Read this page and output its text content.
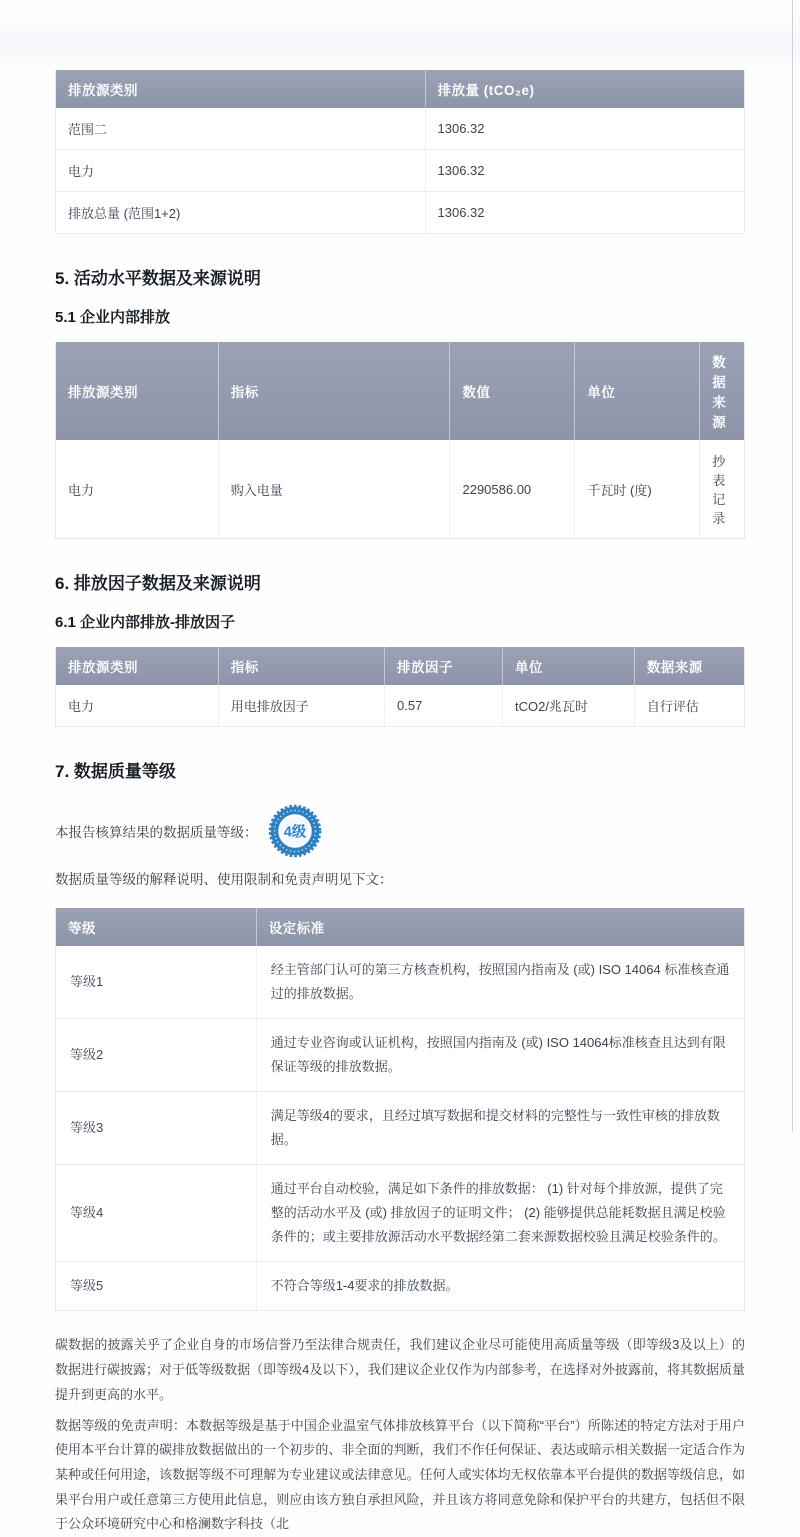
排放源类别	排放量 (tCO₂e)
范围二	1306.32
电力	1306.32
排放总量 (范围1+2)	1306.32
5. 活动水平数据及来源说明
5.1 企业内部排放
排放源类别	指标	数值	单位	数据来源
电力	购入电量	2290586.00	千瓦时 (度)	抄表记录
6. 排放因子数据及来源说明
6.1 企业内部排放-排放因子
排放源类别	指标	排放因子	单位	数据来源
电力	用电排放因子	0.57	tCO2/兆瓦时	自行评估
7. 数据质量等级
本报告核算结果的数据质量等级： 4级
数据质量等级的解释说明、使用限制和免责声明见下文：
等级	设定标准
等级1	经主管部门认可的第三方核查机构，按照国内指南及 (或) ISO 14064 标准核查通过的排放数据。
等级2	通过专业咨询或认证机构，按照国内指南及 (或) ISO 14064标准核查且达到有限保证等级的排放数据。
等级3	满足等级4的要求，且经过填写数据和提交材料的完整性与一致性审核的排放数据。
等级4	通过平台自动校验，满足如下条件的排放数据： (1) 针对每个排放源，提供了完整的活动水平及 (或) 排放因子的证明文件； (2) 能够提供总能耗数据且满足校验条件的；或主要排放源活动水平数据经第二套来源数据校验且满足校验条件的。
等级5	不符合等级1-4要求的排放数据。

碳数据的披露关乎了企业自身的市场信誉乃至法律合规责任，我们建议企业尽可能使用高质量等级（即等级3及以上）的数据进行碳披露；对于低等级数据（即等级4及以下），我们建议企业仅作为内部参考，在选择对外披露前，将其数据质量提升到更高的水平。

数据等级的免责声明：本数据等级是基于中国企业温室气体排放核算平台（以下简称“平台”）所陈述的特定方法对于用户使用本平台计算的碳排放数据做出的一个初步的、非全面的判断，我们不作任何保证、表达或暗示相关数据一定适合作为某种或任何用途，该数据等级不可理解为专业建议或法律意见。任何人或实体均无权依靠本平台提供的数据等级信息，如果平台用户或任意第三方使用此信息，则应由该方独自承担风险，并且该方将同意免除和保护平台的共建方，包括但不限于公众环境研究中心和格澜数字科技（北
